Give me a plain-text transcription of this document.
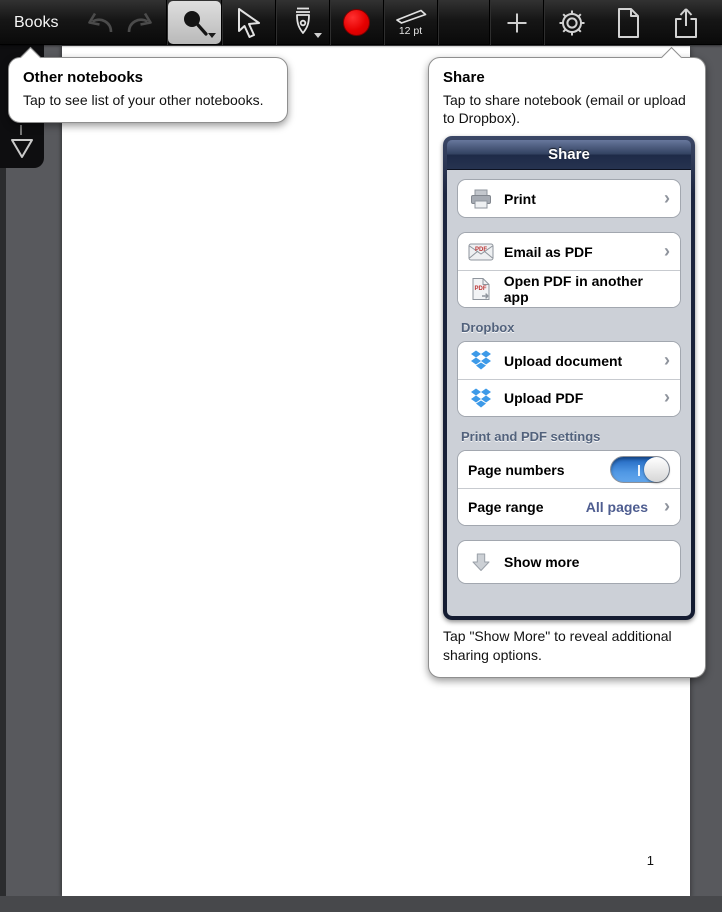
1
Books
12 pt
Other notebooks
Tap to see list of your other notebooks.
Share
Tap to share notebook (email or upload to Dropbox).
Share
Print	›
PDF Email as PDF	›
PDF Open PDF in another app
Dropbox
Upload document ›
Upload PDF	›
Print and PDF settings
Page numbers
Page range	All pages ›
Show more
Tap "Show More" to reveal additional sharing options.
